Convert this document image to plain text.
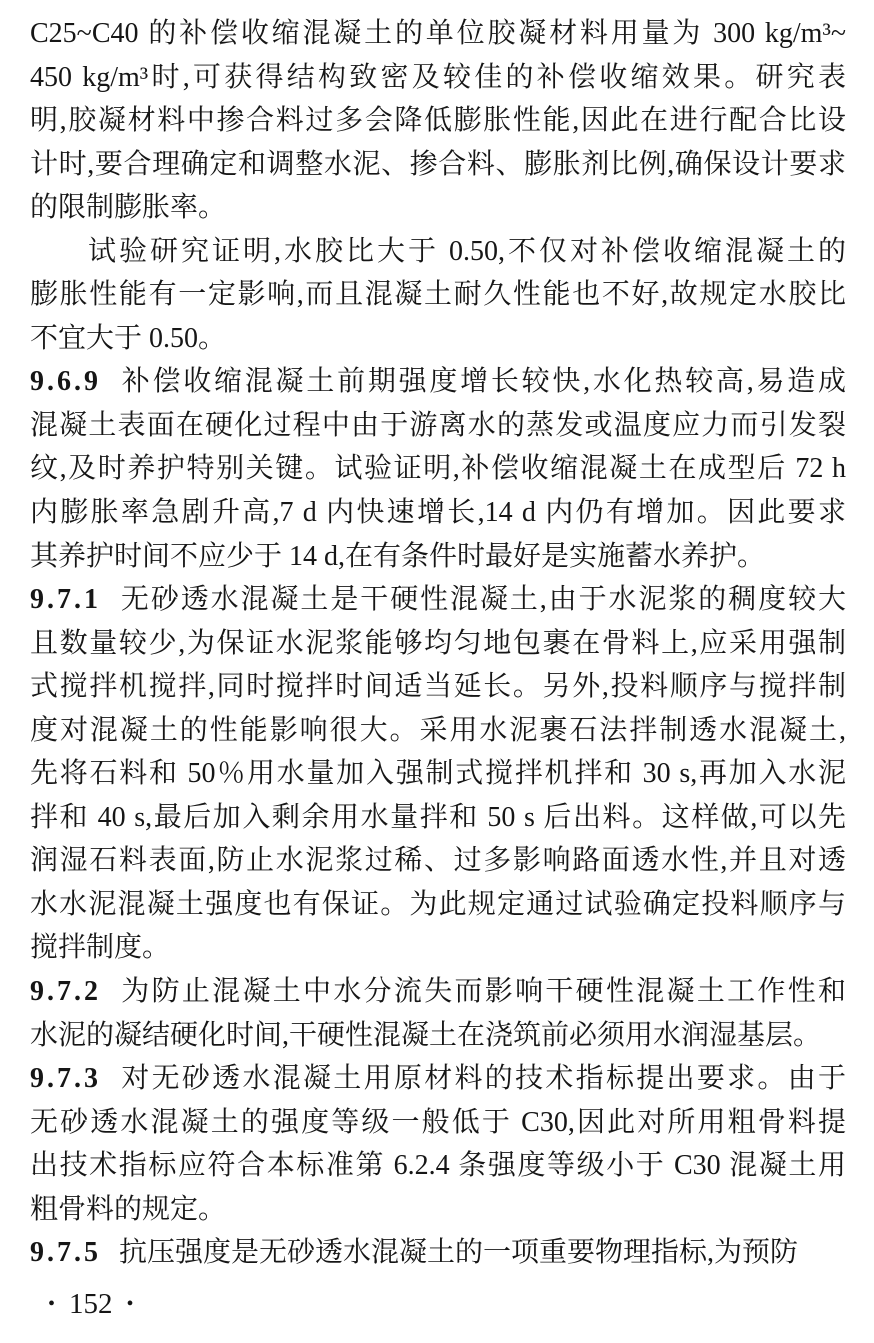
C25~C40 的补偿收缩混凝土的单位胶凝材料用量为 300 kg/m³~
450 kg/m³时,可获得结构致密及较佳的补偿收缩效果。研究表
明,胶凝材料中掺合料过多会降低膨胀性能,因此在进行配合比设
计时,要合理确定和调整水泥、掺合料、膨胀剂比例,确保设计要求
的限制膨胀率。
试验研究证明,水胶比大于 0.50,不仅对补偿收缩混凝土的
膨胀性能有一定影响,而且混凝土耐久性能也不好,故规定水胶比
不宜大于 0.50。
9.6.9 补偿收缩混凝土前期强度增长较快,水化热较高,易造成
混凝土表面在硬化过程中由于游离水的蒸发或温度应力而引发裂
纹,及时养护特别关键。试验证明,补偿收缩混凝土在成型后 72 h
内膨胀率急剧升高,7 d 内快速增长,14 d 内仍有增加。因此要求
其养护时间不应少于 14 d,在有条件时最好是实施蓄水养护。
9.7.1 无砂透水混凝土是干硬性混凝土,由于水泥浆的稠度较大
且数量较少,为保证水泥浆能够均匀地包裹在骨料上,应采用强制
式搅拌机搅拌,同时搅拌时间适当延长。另外,投料顺序与搅拌制
度对混凝土的性能影响很大。采用水泥裹石法拌制透水混凝土,
先将石料和 50％用水量加入强制式搅拌机拌和 30 s,再加入水泥
拌和 40 s,最后加入剩余用水量拌和 50 s 后出料。这样做,可以先
润湿石料表面,防止水泥浆过稀、过多影响路面透水性,并且对透
水水泥混凝土强度也有保证。为此规定通过试验确定投料顺序与
搅拌制度。
9.7.2 为防止混凝土中水分流失而影响干硬性混凝土工作性和
水泥的凝结硬化时间,干硬性混凝土在浇筑前必须用水润湿基层。
9.7.3 对无砂透水混凝土用原材料的技术指标提出要求。由于
无砂透水混凝土的强度等级一般低于 C30,因此对所用粗骨料提
出技术指标应符合本标准第 6.2.4 条强度等级小于 C30 混凝土用
粗骨料的规定。
9.7.5 抗压强度是无砂透水混凝土的一项重要物理指标,为预防
• 152 •
